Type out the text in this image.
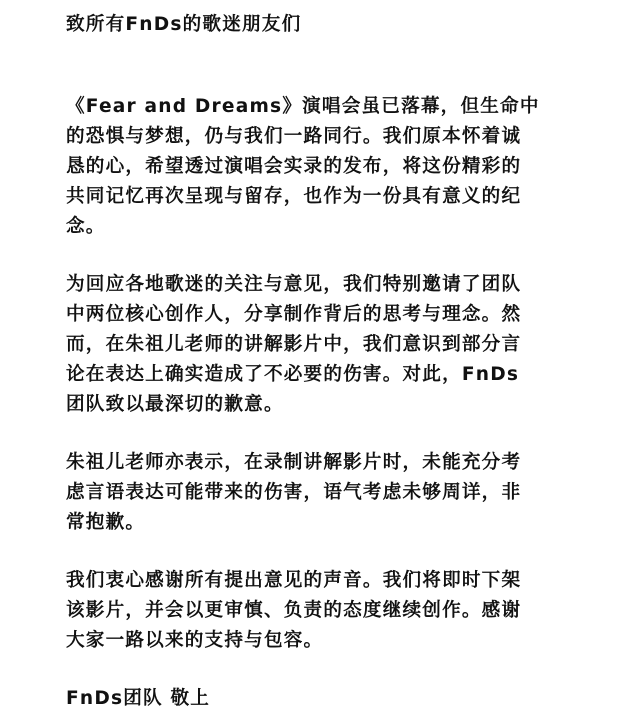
致所有FnDs的歌迷朋友们

《Fear and Dreams》演唱会虽已落幕，但生命中

的恐惧与梦想，仍与我们一路同行。我们原本怀着诚

恳的心，希望透过演唱会实录的发布，将这份精彩的

共同记忆再次呈现与留存，也作为一份具有意义的纪

念。

为回应各地歌迷的关注与意见，我们特别邀请了团队

中两位核心创作人，分享制作背后的思考与理念。然

而，在朱祖儿老师的讲解影片中，我们意识到部分言

论在表达上确实造成了不必要的伤害。对此，FnDs

团队致以最深切的歉意。

朱祖儿老师亦表示，在录制讲解影片时，未能充分考

虑言语表达可能带来的伤害，语气考虑未够周详，非

常抱歉。

我们衷心感谢所有提出意见的声音。我们将即时下架

该影片，并会以更审慎、负责的态度继续创作。感谢

大家一路以来的支持与包容。

FnDs团队 敬上
